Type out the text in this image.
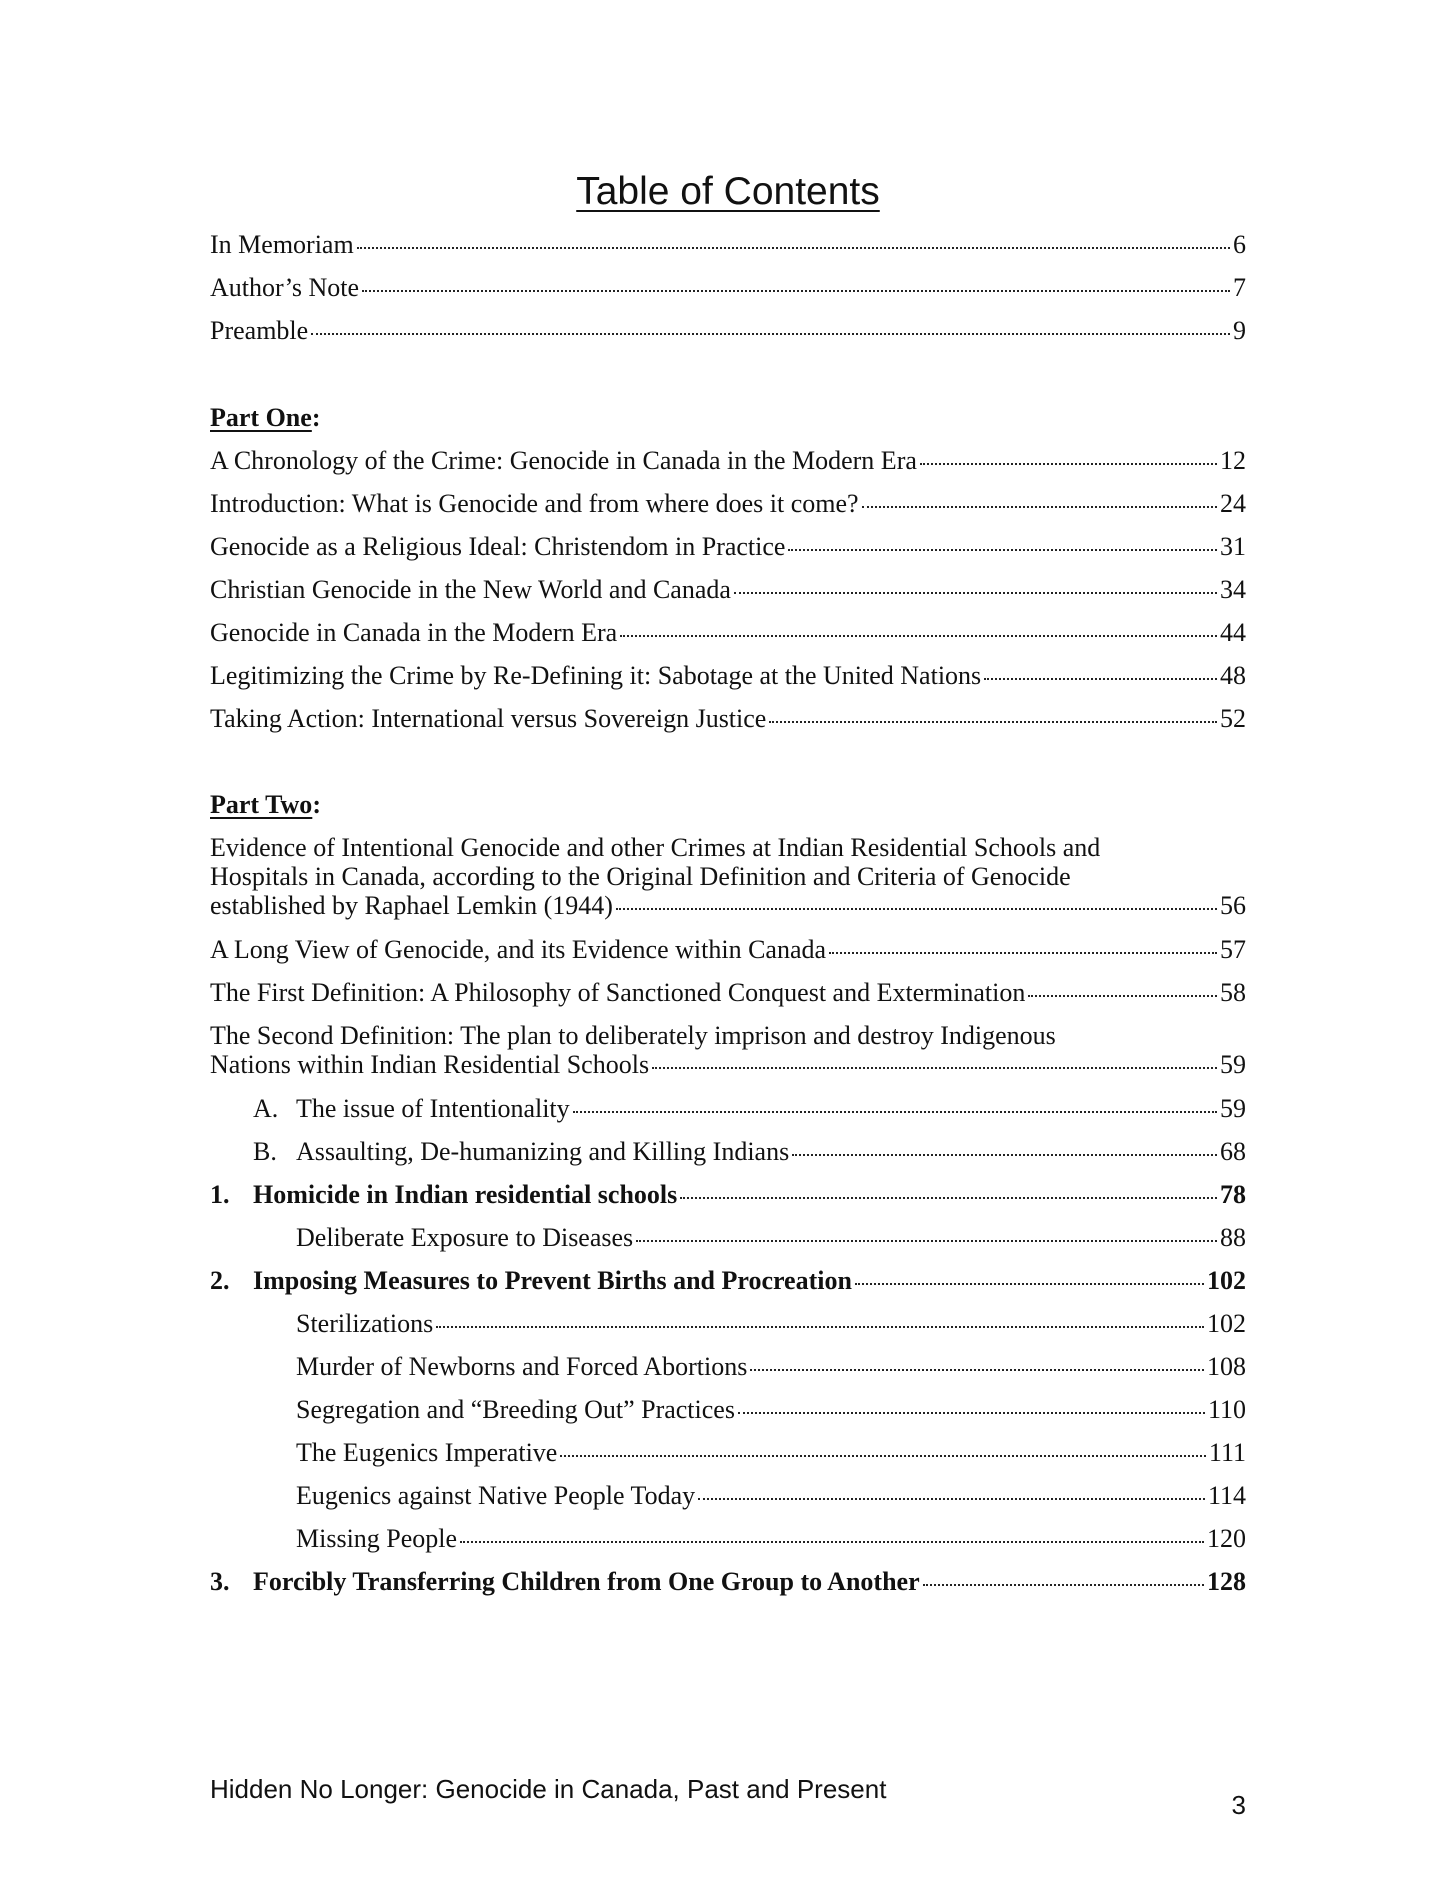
Table of Contents
In Memoriam	6
Author’s Note	7
Preamble	9
Part One:
A Chronology of the Crime: Genocide in Canada in the Modern Era	12
Introduction: What is Genocide and from where does it come?	24
Genocide as a Religious Ideal: Christendom in Practice	31
Christian Genocide in the New World and Canada	34
Genocide in Canada in the Modern Era	44
Legitimizing the Crime by Re-Defining it: Sabotage at the United Nations	48
Taking Action: International versus Sovereign Justice	52
Part Two:
Evidence of Intentional Genocide and other Crimes at Indian Residential Schools and
Hospitals in Canada, according to the Original Definition and Criteria of Genocide
established by Raphael Lemkin (1944)	56
A Long View of Genocide, and its Evidence within Canada	57
The First Definition: A Philosophy of Sanctioned Conquest and Extermination	58
The Second Definition: The plan to deliberately imprison and destroy Indigenous
Nations within Indian Residential Schools	59
A. The issue of Intentionality	59
B. Assaulting, De-humanizing and Killing Indians	68
1. Homicide in Indian residential schools	78
Deliberate Exposure to Diseases	88
2. Imposing Measures to Prevent Births and Procreation	102
Sterilizations	102
Murder of Newborns and Forced Abortions	108
Segregation and “Breeding Out” Practices	110
The Eugenics Imperative	111
Eugenics against Native People Today	114
Missing People	120
3. Forcibly Transferring Children from One Group to Another	128
Hidden No Longer: Genocide in Canada, Past and Present
3
